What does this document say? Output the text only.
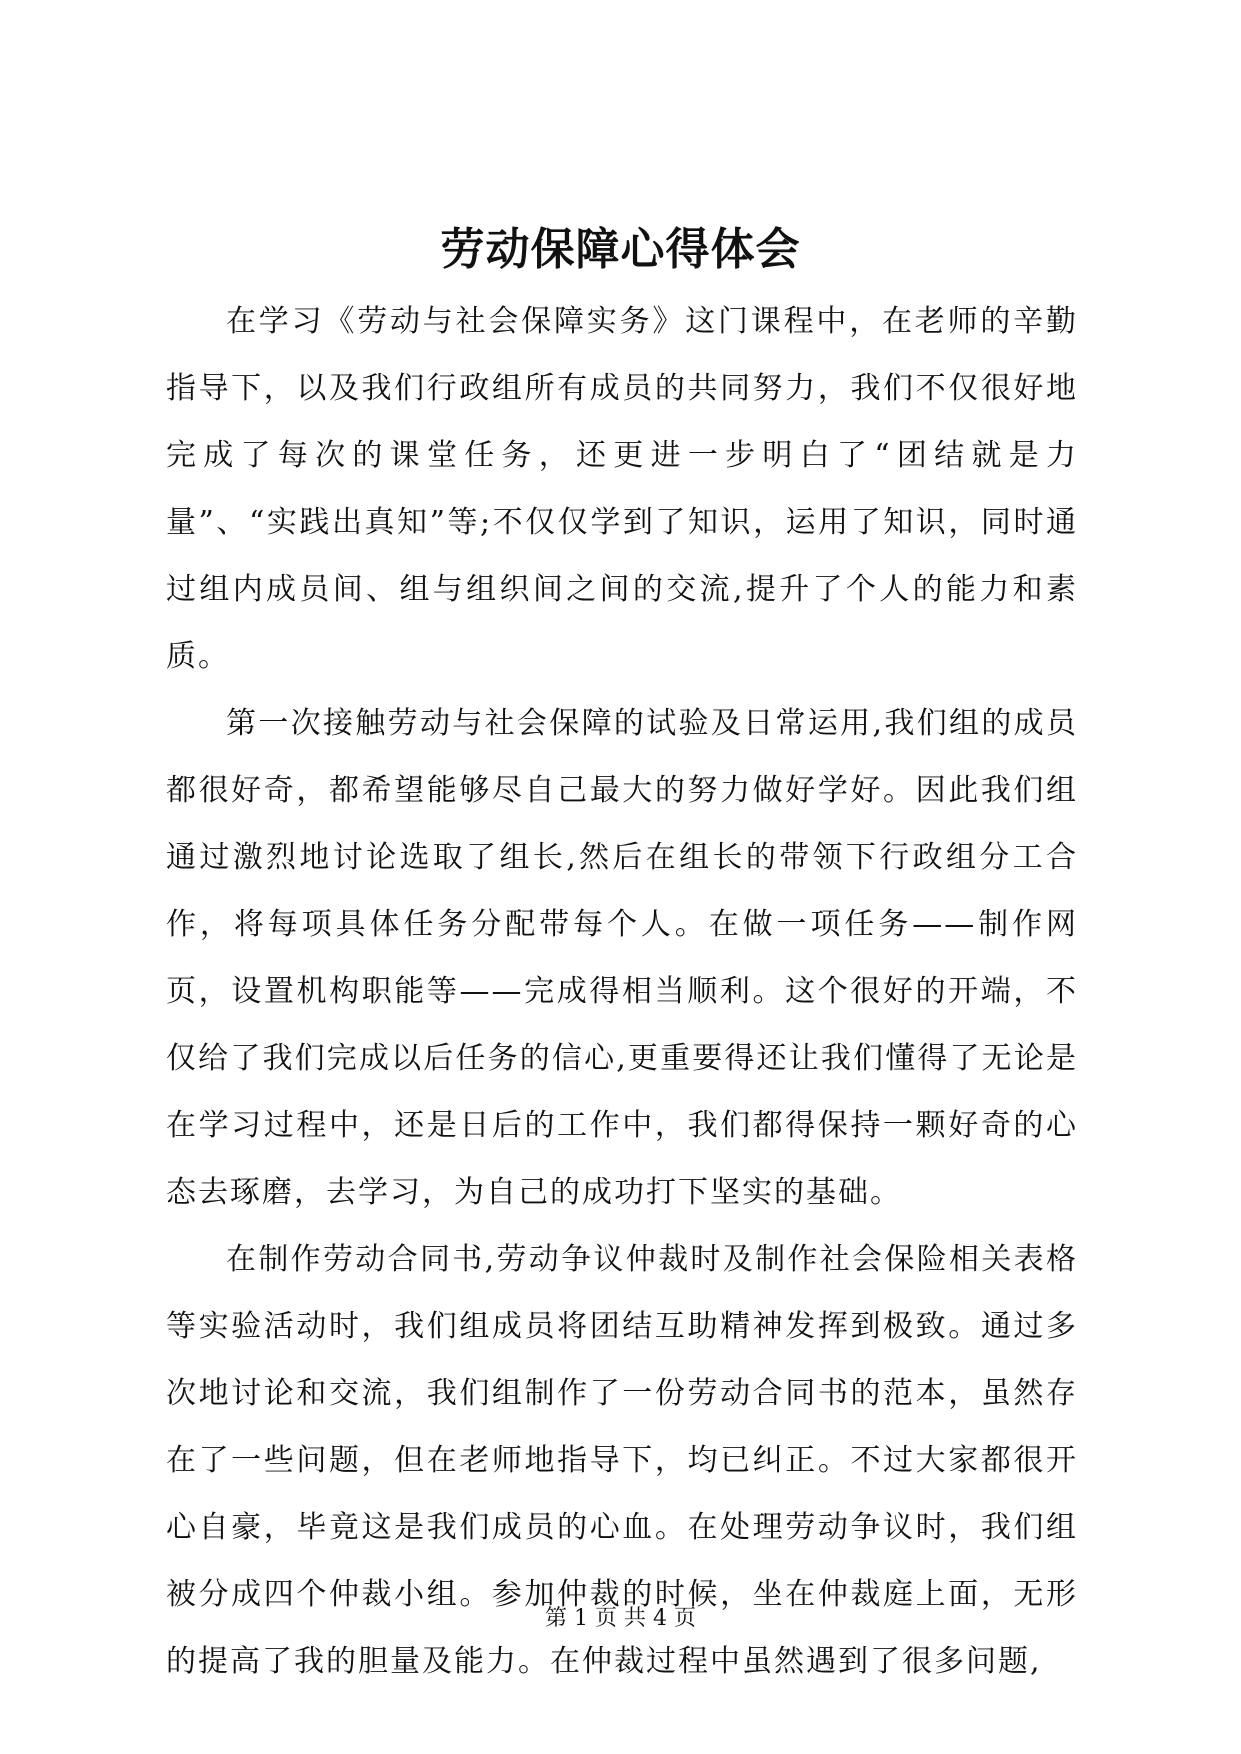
劳动保障心得体会

在学习《劳动与社会保障实务》这门课程中，在老师的辛勤指导下，以及我们行政组所有成员的共同努力，我们不仅很好地完成了每次的课堂任务，还更进一步明白了“团结就是力量”、“实践出真知”等;不仅仅学到了知识，运用了知识，同时通过组内成员间、组与组织间之间的交流,提升了个人的能力和素质。

第一次接触劳动与社会保障的试验及日常运用,我们组的成员都很好奇，都希望能够尽自己最大的努力做好学好。因此我们组通过激烈地讨论选取了组长,然后在组长的带领下行政组分工合作，将每项具体任务分配带每个人。在做一项任务——制作网页，设置机构职能等——完成得相当顺利。这个很好的开端，不仅给了我们完成以后任务的信心,更重要得还让我们懂得了无论是在学习过程中，还是日后的工作中，我们都得保持一颗好奇的心态去琢磨，去学习，为自己的成功打下坚实的基础。

在制作劳动合同书,劳动争议仲裁时及制作社会保险相关表格等实验活动时，我们组成员将团结互助精神发挥到极致。通过多次地讨论和交流，我们组制作了一份劳动合同书的范本，虽然存在了一些问题，但在老师地指导下，均已纠正。不过大家都很开心自豪，毕竟这是我们成员的心血。在处理劳动争议时，我们组被分成四个仲裁小组。参加仲裁的时候，坐在仲裁庭上面，无形的提高了我的胆量及能力。在仲裁过程中虽然遇到了很多问题,

第 1 页 共 4 页
